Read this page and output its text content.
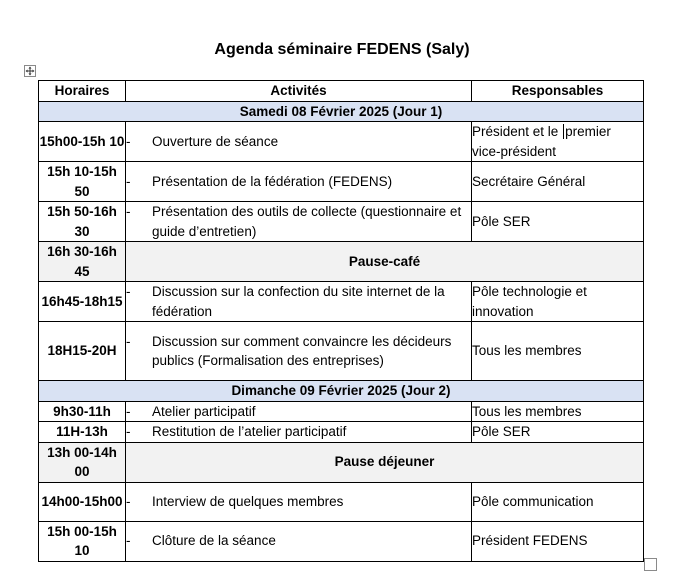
Agenda séminaire FEDENS (Saly)
Horaires	Activités	Responsables
Samedi 08 Février 2025 (Jour 1)		
15h00-15h 10	- Ouverture de séance	Président et le premier vice-président
15h 10-15h 50	- Présentation de la fédération (FEDENS)	Secrétaire Général
15h 50-16h 30	- Présentation des outils de collecte (questionnaire et guide d’entretien)	Pôle SER
16h 30-16h 45	Pause-café	
16h45-18h15	- Discussion sur la confection du site internet de la fédération	Pôle technologie et innovation
18H15-20H	- Discussion sur comment convaincre les décideurs publics (Formalisation des entreprises)	Tous les membres
Dimanche 09 Février 2025 (Jour 2)		
9h30-11h	- Atelier participatif	Tous les membres
11H-13h	- Restitution de l’atelier participatif	Pôle SER
13h 00-14h 00	Pause déjeuner	
14h00-15h00	- Interview de quelques membres	Pôle communication
15h 00-15h 10	- Clôture de la séance	Président FEDENS
